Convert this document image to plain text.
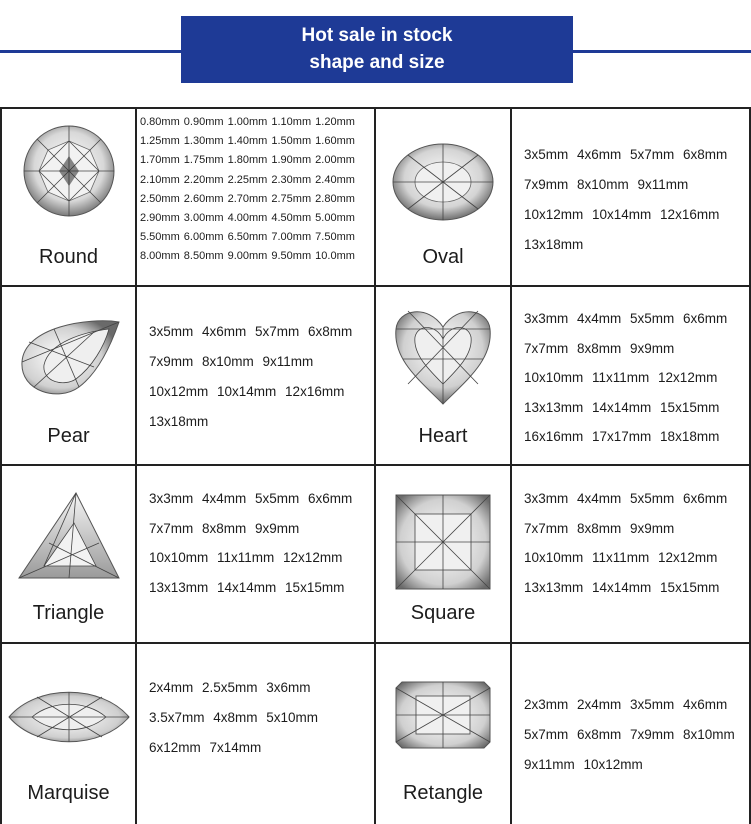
Hot sale in stock
shape and size
Round
0.80mm 0.90mm 1.00mm 1.10mm 1.20mm
1.25mm 1.30mm 1.40mm 1.50mm 1.60mm
1.70mm 1.75mm 1.80mm 1.90mm 2.00mm
2.10mm 2.20mm 2.25mm 2.30mm 2.40mm
2.50mm 2.60mm 2.70mm 2.75mm 2.80mm
2.90mm 3.00mm 4.00mm 4.50mm 5.00mm
5.50mm 6.00mm 6.50mm 7.00mm 7.50mm
8.00mm 8.50mm 9.00mm 9.50mm 10.0mm	Oval
3x5mm 4x6mm 5x7mm 6x8mm
7x9mm 8x10mm 9x11mm
10x12mm 10x14mm 12x16mm
13x18mm
Pear
3x5mm 4x6mm 5x7mm 6x8mm
7x9mm 8x10mm 9x11mm
10x12mm 10x14mm 12x16mm
13x18mm
Heart
3x3mm 4x4mm 5x5mm 6x6mm
7x7mm 8x8mm 9x9mm
10x10mm 11x11mm 12x12mm
13x13mm 14x14mm 15x15mm
16x16mm 17x17mm 18x18mm
Triangle
3x3mm 4x4mm 5x5mm 6x6mm
7x7mm 8x8mm 9x9mm
10x10mm 11x11mm 12x12mm
13x13mm 14x14mm 15x15mm
Square
3x3mm 4x4mm 5x5mm 6x6mm
7x7mm 8x8mm 9x9mm
10x10mm 11x11mm 12x12mm
13x13mm 14x14mm 15x15mm
Marquise
2x4mm 2.5x5mm 3x6mm
3.5x7mm 4x8mm 5x10mm
6x12mm 7x14mm
Retangle
2x3mm 2x4mm 3x5mm 4x6mm
5x7mm 6x8mm 7x9mm 8x10mm
9x11mm 10x12mm
